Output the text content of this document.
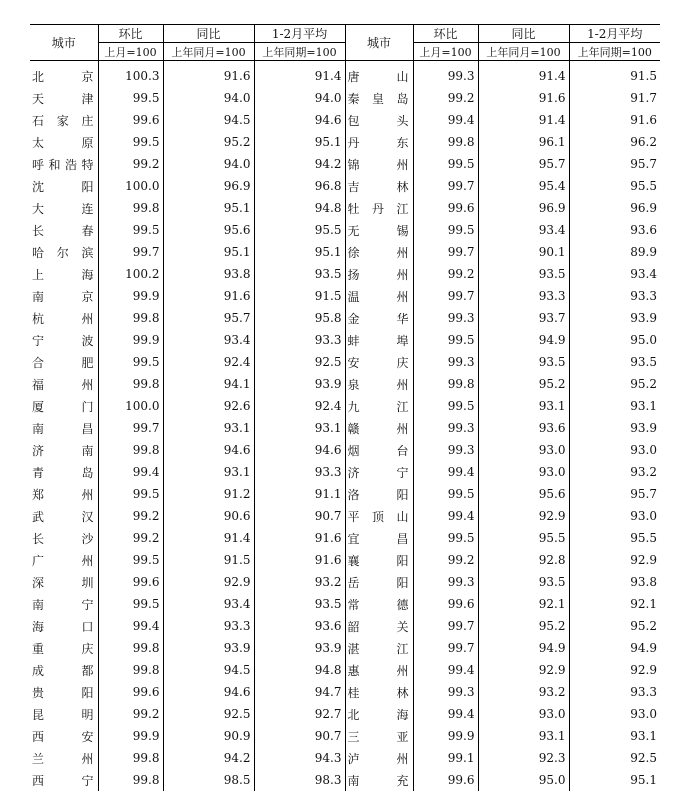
城市	环比	同比	1-2月平均	城市	环比	同比	1-2月平均
	上月=100	上年同月=100	上年同期=100		上月=100	上年同月=100	上年同期=100

北 京	100.3	91.6	91.4	唐 山	99.3	91.4	91.5

天 津	99.5	94.0	94.0	秦 皇 岛	99.2	91.6	91.7

石 家 庄	99.6	94.5	94.6	包 头	99.4	91.4	91.6

太 原	99.5	95.2	95.1	丹 东	99.8	96.1	96.2
呼和浩特	99.2	94.0	94.2	锦 州	99.5	95.7	95.7

沈 阳	100.0	96.9	96.8	吉 林	99.7	95.4	95.5

大 连	99.8	95.1	94.8	牡 丹 江	99.6	96.9	96.9

长 春	99.5	95.6	95.5	无 锡	99.5	93.4	93.6

哈 尔 滨	99.7	95.1	95.1	徐 州	99.7	90.1	89.9

上 海	100.2	93.8	93.5	扬 州	99.2	93.5	93.4

南 京	99.9	91.6	91.5	温 州	99.7	93.3	93.3

杭 州	99.8	95.7	95.8	金 华	99.3	93.7	93.9

宁 波	99.9	93.4	93.3	蚌 埠	99.5	94.9	95.0

合 肥	99.5	92.4	92.5	安 庆	99.3	93.5	93.5

福 州	99.8	94.1	93.9	泉 州	99.8	95.2	95.2

厦 门	100.0	92.6	92.4	九 江	99.5	93.1	93.1

南 昌	99.7	93.1	93.1	赣 州	99.3	93.6	93.9

济 南	99.8	94.6	94.6	烟 台	99.3	93.0	93.0

青 岛	99.4	93.1	93.3	济 宁	99.4	93.0	93.2

郑 州	99.5	91.2	91.1	洛 阳	99.5	95.6	95.7

武 汉	99.2	90.6	90.7	平 顶 山	99.4	92.9	93.0

长 沙	99.2	91.4	91.6	宜 昌	99.5	95.5	95.5

广 州	99.5	91.5	91.6	襄 阳	99.2	92.8	92.9

深 圳	99.6	92.9	93.2	岳 阳	99.3	93.5	93.8

南 宁	99.5	93.4	93.5	常 德	99.6	92.1	92.1

海 口	99.4	93.3	93.6	韶 关	99.7	95.2	95.2

重 庆	99.8	93.9	93.9	湛 江	99.7	94.9	94.9

成 都	99.8	94.5	94.8	惠 州	99.4	92.9	92.9

贵 阳	99.6	94.6	94.7	桂 林	99.3	93.2	93.3

昆 明	99.2	92.5	92.7	北 海	99.4	93.0	93.0

西 安	99.9	90.9	90.7	三 亚	99.9	93.1	93.1

兰 州	99.8	94.2	94.3	泸 州	99.1	92.3	92.5

西 宁	99.8	98.5	98.3	南 充	99.6	95.0	95.1
